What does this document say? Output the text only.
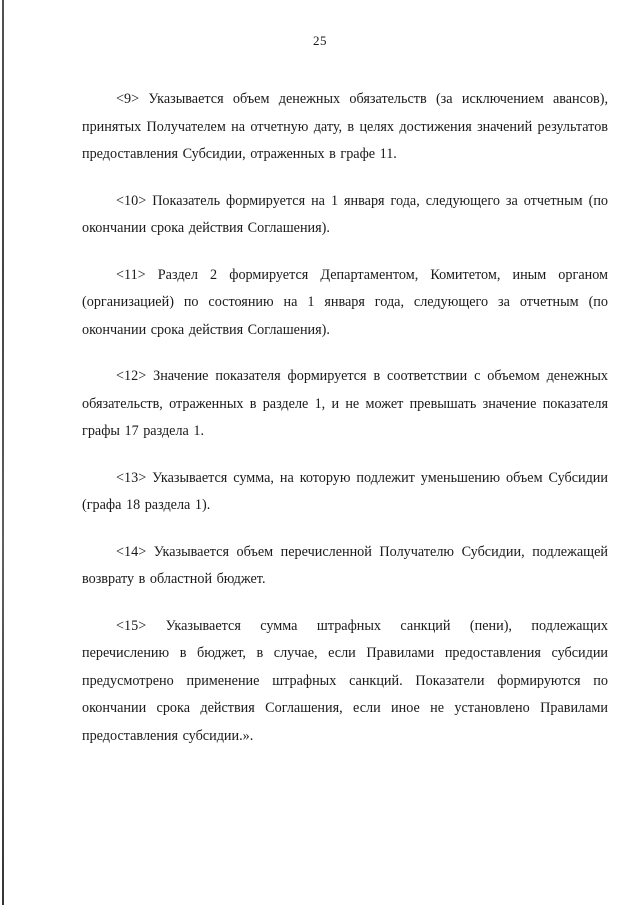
25

<9> Указывается объем денежных обязательств (за исключением авансов), принятых Получателем на отчетную дату, в целях достижения значений результатов предоставления Субсидии, отраженных в графе 11.

<10> Показатель формируется на 1 января года, следующего за отчетным (по окончании срока действия Соглашения).

<11> Раздел 2 формируется Департаментом, Комитетом, иным органом (организацией) по состоянию на 1 января года, следующего за отчетным (по окончании срока действия Соглашения).

<12> Значение показателя формируется в соответствии с объемом денежных обязательств, отраженных в разделе 1, и не может превышать значение показателя графы 17 раздела 1.

<13> Указывается сумма, на которую подлежит уменьшению объем Субсидии (графа 18 раздела 1).

<14> Указывается объем перечисленной Получателю Субсидии, подлежащей возврату в областной бюджет.

<15> Указывается сумма штрафных санкций (пени), подлежащих перечислению в бюджет, в случае, если Правилами предоставления субсидии предусмотрено применение штрафных санкций. Показатели формируются по окончании срока действия Соглашения, если иное не установлено Правилами предоставления субсидии.».
